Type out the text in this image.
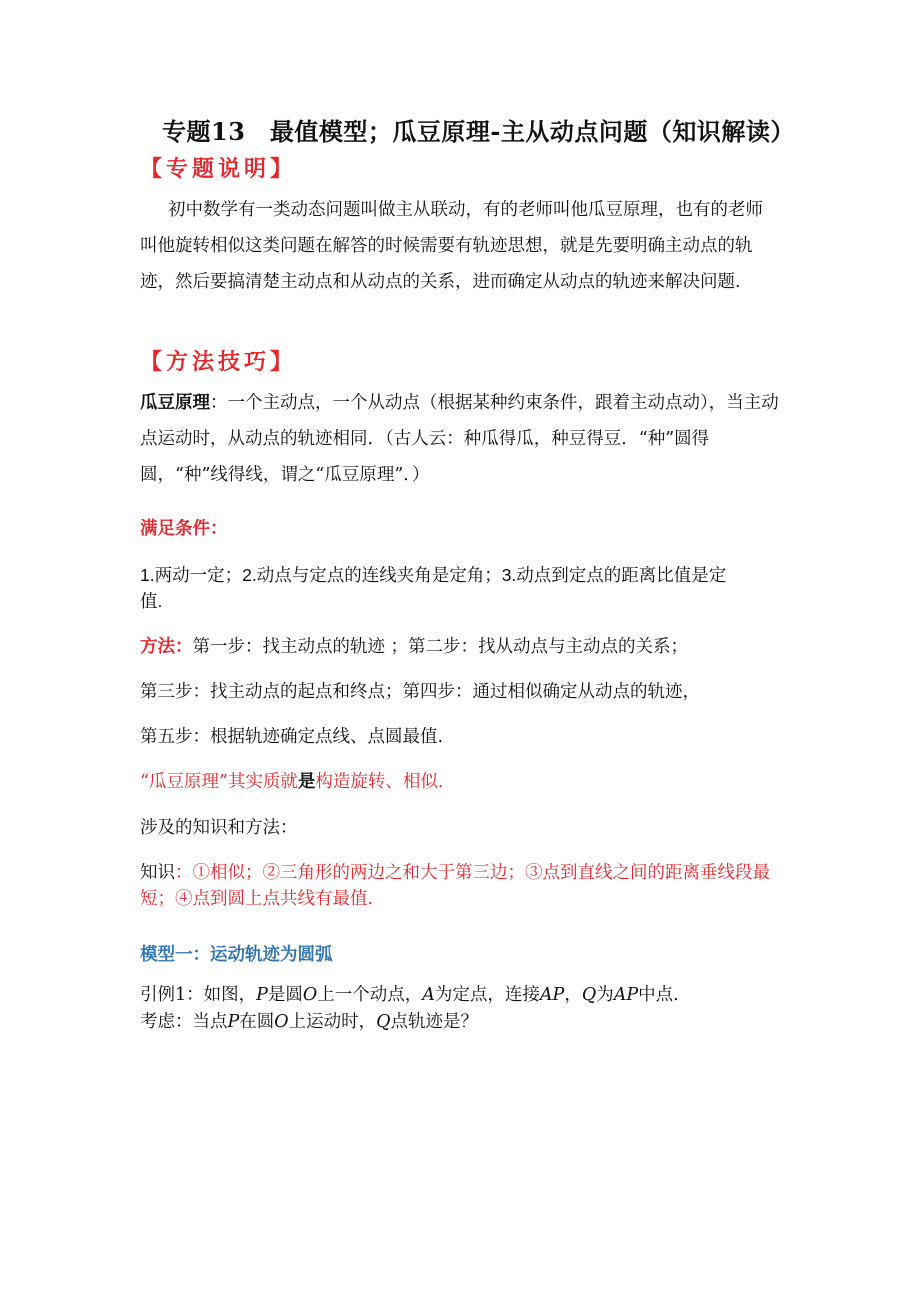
专题13　最值模型；瓜豆原理-主从动点问题（知识解读）
【专题说明】
初中数学有一类动态问题叫做主从联动，有的老师叫他瓜豆原理，也有的老师叫他旋转相似这类问题在解答的时候需要有轨迹思想，就是先要明确主动点的轨迹，然后要搞清楚主动点和从动点的关系，进而确定从动点的轨迹来解决问题.
【方法技巧】
瓜豆原理：一个主动点，一个从动点（根据某种约束条件，跟着主动点动），当主动点运动时，从动点的轨迹相同．（古人云：种瓜得瓜，种豆得豆．“种”圆得圆，“种”线得线，谓之“瓜豆原理”．）
满足条件：
1.两动一定；2.动点与定点的连线夹角是定角；3.动点到定点的距离比值是定
值.
方法：第一步：找主动点的轨迹 ；第二步：找从动点与主动点的关系；
第三步：找主动点的起点和终点；第四步：通过相似确定从动点的轨迹，
第五步：根据轨迹确定点线、点圆最值.
“瓜豆原理”其实质就是构造旋转、相似.
涉及的知识和方法：
知识：①相似；②三角形的两边之和大于第三边；③点到直线之间的距离垂线段最
短；④点到圆上点共线有最值.
模型一：运动轨迹为圆弧
引例1：如图，P是圆O上一个动点，A为定点，连接AP，Q为AP中点.
考虑：当点P在圆O上运动时，Q点轨迹是？
